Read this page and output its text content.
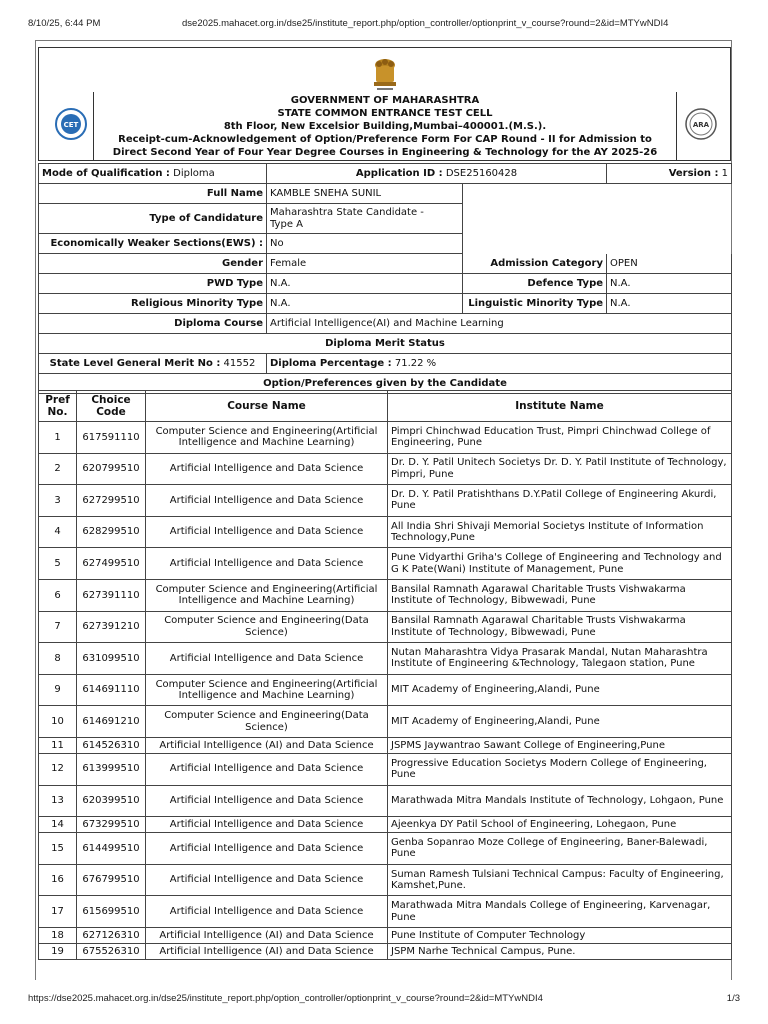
8/10/25, 6:44 PM	dse2025.mahacet.org.in/dse25/institute_report.php/option_controller/optionprint_v_course?round=2&id=MTYwNDI4
CET	ARA
GOVERNMENT OF MAHARASHTRA
STATE COMMON ENTRANCE TEST CELL
8th Floor, New Excelsior Building,Mumbai–400001.(M.S.).
Receipt-cum-Acknowledgement of Option/Preference Form For CAP Round - II for Admission to
Direct Second Year of Four Year Degree Courses in Engineering & Technology for the AY 2025-26
Mode of Qualification : Diploma	Application ID : DSE25160428		Version : 1
Full Name	KAMBLE SNEHA SUNIL		
Type of Candidature	Maharashtra State Candidate - Type A		
Economically Weaker Sections(EWS) :	No		
Gender	Female	Admission Category	OPEN
PWD Type	N.A.	Defence Type	N.A.
Religious Minority Type	N.A.	Linguistic Minority Type	N.A.
Diploma Course	Artificial Intelligence(AI) and Machine Learning		
Diploma Merit Status			
State Level General Merit No : 41552	Diploma Percentage : 71.22 %		
Option/Preferences given by the Candidate			
Pref No.	Choice Code	Course Name	Institute Name
1	617591110	Computer Science and Engineering(Artificial Intelligence and Machine Learning)	Pimpri Chinchwad Education Trust, Pimpri Chinchwad College of Engineering, Pune
2	620799510	Artificial Intelligence and Data Science	Dr. D. Y. Patil Unitech Societys Dr. D. Y. Patil Institute of Technology, Pimpri, Pune
3	627299510	Artificial Intelligence and Data Science	Dr. D. Y. Patil Pratishthans D.Y.Patil College of Engineering Akurdi, Pune
4	628299510	Artificial Intelligence and Data Science	All India Shri Shivaji Memorial Societys Institute of Information Technology,Pune
5	627499510	Artificial Intelligence and Data Science	Pune Vidyarthi Griha's College of Engineering and Technology and G K Pate(Wani) Institute of Management, Pune
6	627391110	Computer Science and Engineering(Artificial Intelligence and Machine Learning)	Bansilal Ramnath Agarawal Charitable Trusts Vishwakarma Institute of Technology, Bibwewadi, Pune
7	627391210	Computer Science and Engineering(Data Science)	Bansilal Ramnath Agarawal Charitable Trusts Vishwakarma Institute of Technology, Bibwewadi, Pune
8	631099510	Artificial Intelligence and Data Science	Nutan Maharashtra Vidya Prasarak Mandal, Nutan Maharashtra Institute of Engineering &Technology, Talegaon station, Pune
9	614691110	Computer Science and Engineering(Artificial Intelligence and Machine Learning)	MIT Academy of Engineering,Alandi, Pune
10	614691210	Computer Science and Engineering(Data Science)	MIT Academy of Engineering,Alandi, Pune
11	614526310	Artificial Intelligence (AI) and Data Science	JSPMS Jaywantrao Sawant College of Engineering,Pune
12	613999510	Artificial Intelligence and Data Science	Progressive Education Societys Modern College of Engineering, Pune
13	620399510	Artificial Intelligence and Data Science	Marathwada Mitra Mandals Institute of Technology, Lohgaon, Pune
14	673299510	Artificial Intelligence and Data Science	Ajeenkya DY Patil School of Engineering, Lohegaon, Pune
15	614499510	Artificial Intelligence and Data Science	Genba Sopanrao Moze College of Engineering, Baner-Balewadi, Pune
16	676799510	Artificial Intelligence and Data Science	Suman Ramesh Tulsiani Technical Campus: Faculty of Engineering, Kamshet,Pune.
17	615699510	Artificial Intelligence and Data Science	Marathwada Mitra Mandals College of Engineering, Karvenagar, Pune
18	627126310	Artificial Intelligence (AI) and Data Science	Pune Institute of Computer Technology
19	675526310	Artificial Intelligence (AI) and Data Science	JSPM Narhe Technical Campus, Pune.
https://dse2025.mahacet.org.in/dse25/institute_report.php/option_controller/optionprint_v_course?round=2&id=MTYwNDI4	1/3
